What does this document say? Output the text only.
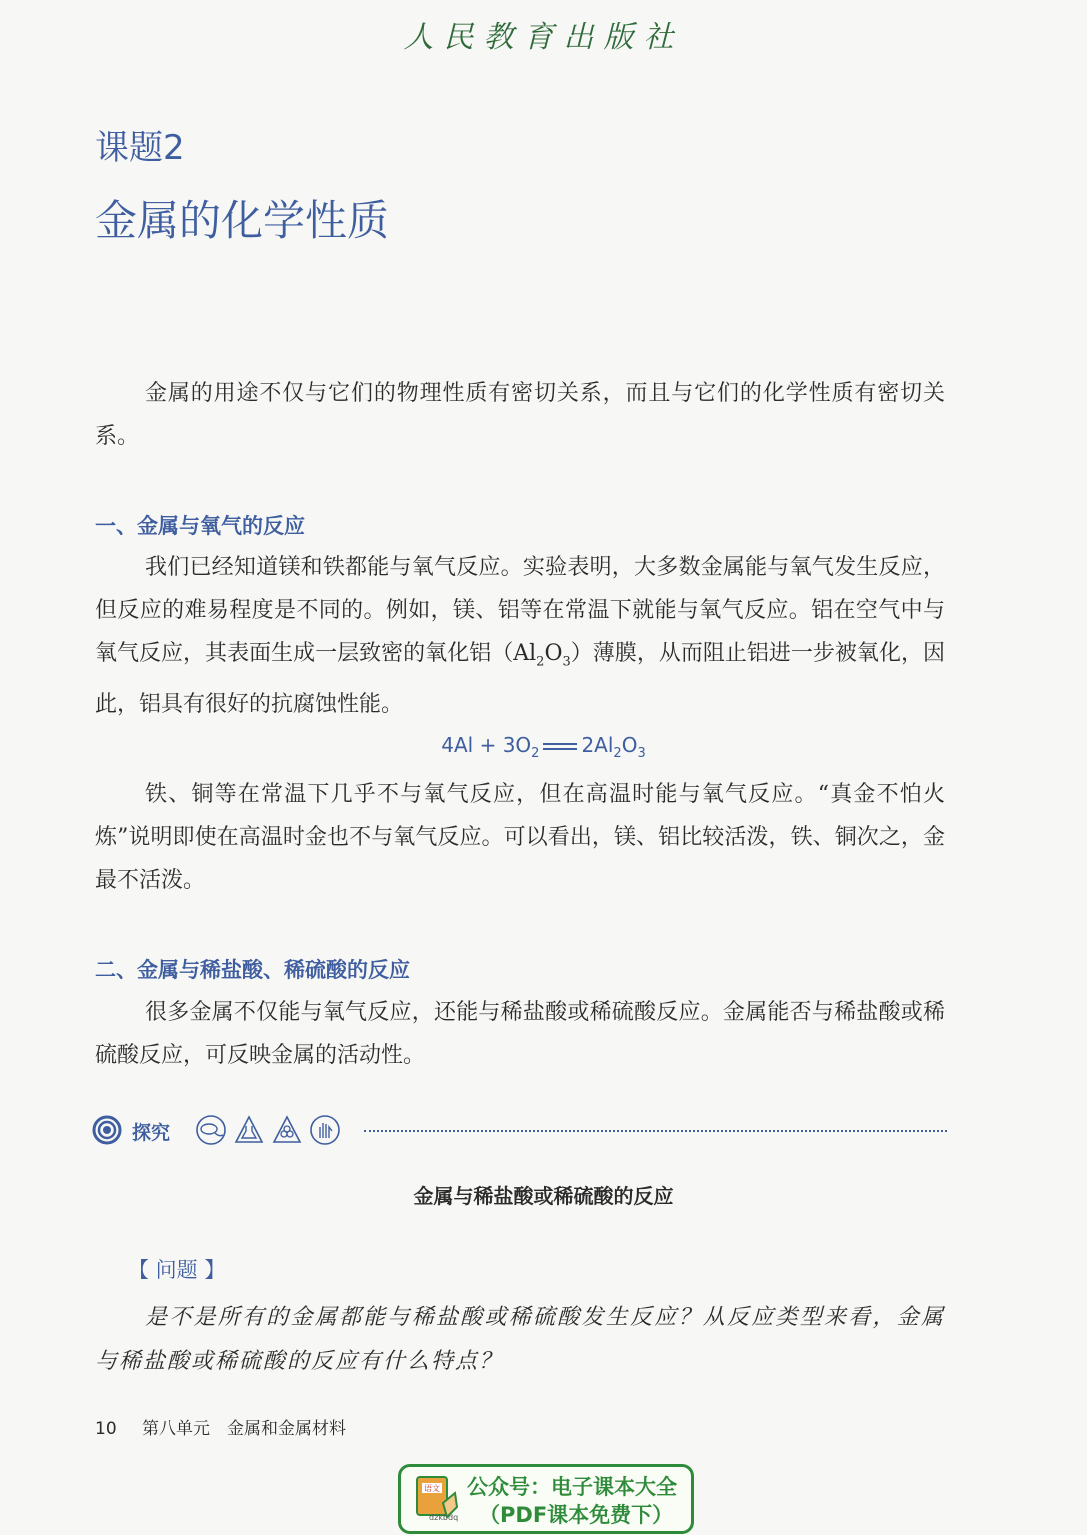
人民教育出版社
课题2
金属的化学性质
金属的用途不仅与它们的物理性质有密切关系，而且与它们的化学性质有密切关系。
一、金属与氧气的反应
我们已经知道镁和铁都能与氧气反应。实验表明，大多数金属能与氧气发生反应，但反应的难易程度是不同的。例如，镁、铝等在常温下就能与氧气反应。铝在空气中与氧气反应，其表面生成一层致密的氧化铝$(Al_2O_3)$薄膜，从而阻止铝进一步被氧化，因此，铝具有很好的抗腐蚀性能。
$4Al + 3O_2$ $2Al_2O_3$
铁、铜等在常温下几乎不与氧气反应，但在高温时能与氧气反应。“真金不怕火炼”说明即使在高温时金也不与氧气反应。可以看出，镁、铝比较活泼，铁、铜次之，金最不活泼。
二、金属与稀盐酸、稀硫酸的反应
很多金属不仅能与氧气反应，还能与稀盐酸或稀硫酸反应。金属能否与稀盐酸或稀硫酸反应，可反映金属的活动性。
探究
金属与稀盐酸或稀硫酸的反应
【 问题 】
是不是所有的金属都能与稀盐酸或稀硫酸发生反应？从反应类型来看，金属与稀盐酸或稀硫酸的反应有什么特点？
10 第八单元　金属和金属材料
语文
dzkbdq
公众号：电子课本大全
（PDF课本免费下）
